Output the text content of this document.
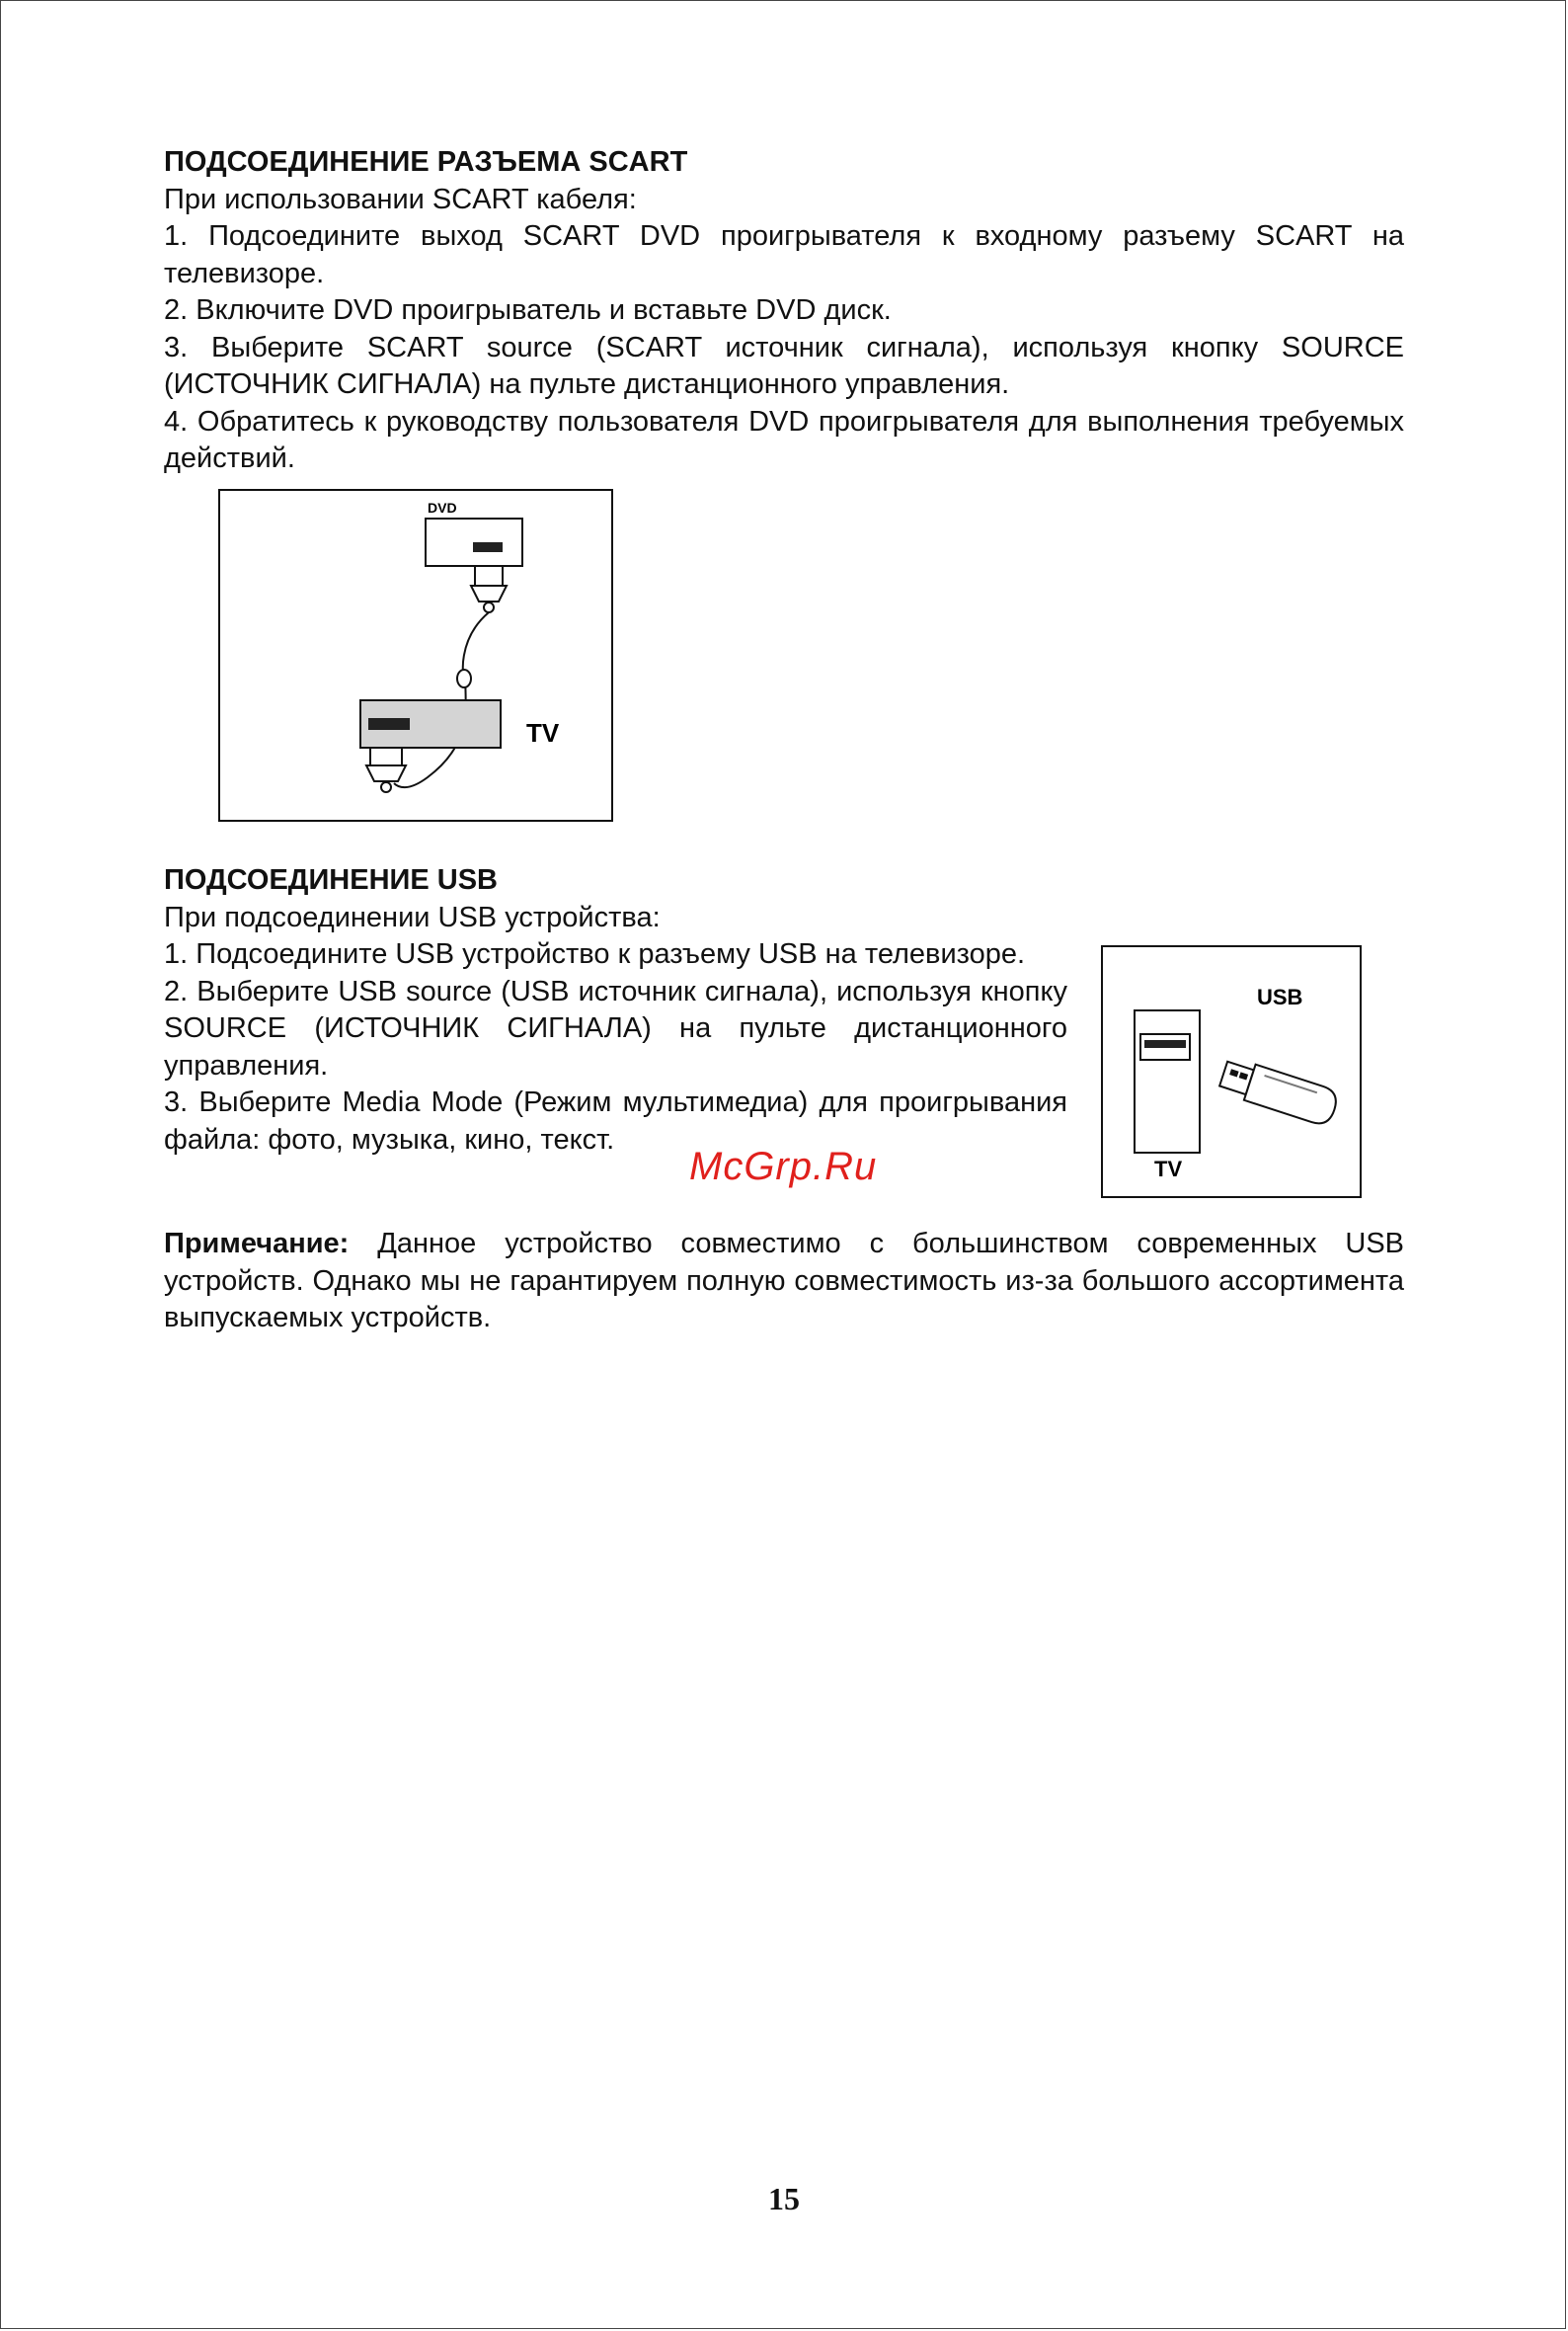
ПОДСОЕДИНЕНИЕ РАЗЪЕМА SCART

При использовании SCART кабеля:

1. Подсоедините выход SCART DVD проигрывателя к входному разъему SCART на телевизоре.

2. Включите DVD проигрыватель и вставьте DVD диск.

3. Выберите SCART source (SCART источник сигнала), используя кнопку SOURCE (ИСТОЧНИК СИГНАЛА) на пульте дистанционного управления.

4. Обратитесь к руководству пользователя DVD проигрывателя для выполнения требуемых действий.

DVD
TV
ПОДСОЕДИНЕНИЕ USB

При подсоединении USB устройства:

1. Подсоедините USB устройство к разъему USB на телевизоре.

2. Выберите USB source (USB источник сигнала), используя кнопку SOURCE (ИСТОЧНИК СИГНАЛА) на пульте дистанционного управления.

3. Выберите Media Mode (Режим мультимедиа) для проигрывания файла: фото, музыка, кино, текст.

USB
TV

Примечание: Данное устройство совместимо с большинством современных USB устройств. Однако мы не гарантируем полную совместимость из-за большого ассортимента выпускаемых устройств.

McGrp.Ru
15
